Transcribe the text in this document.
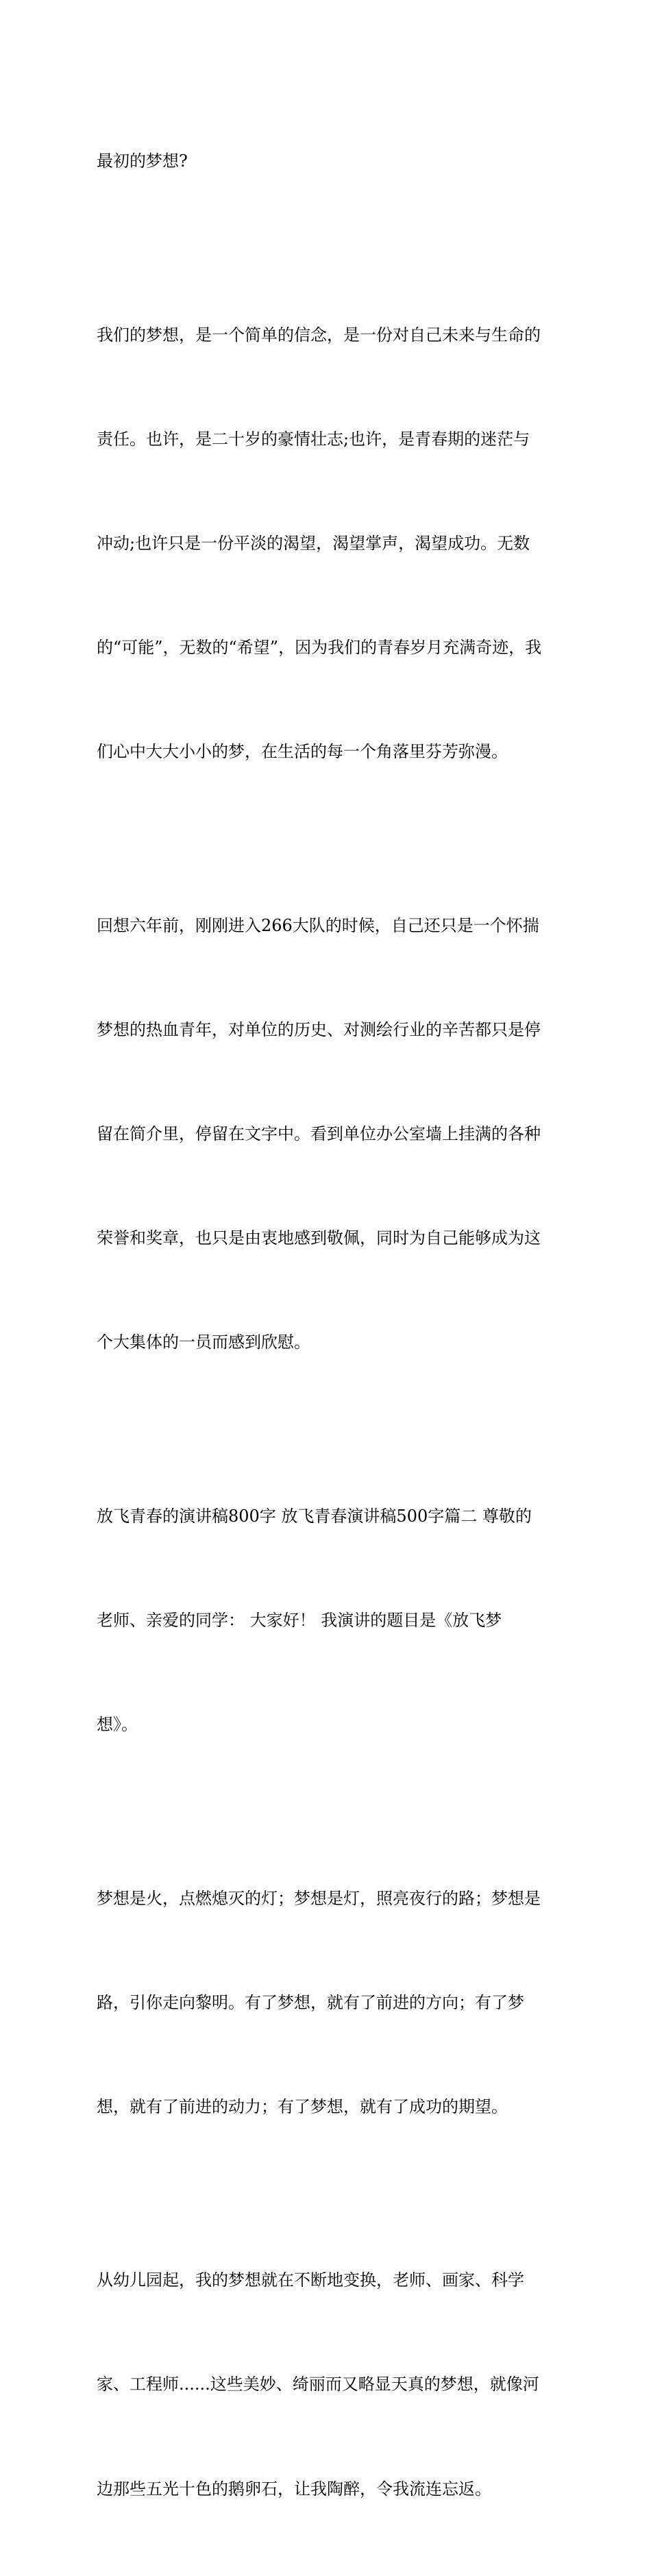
最初的梦想?

我们的梦想，是一个简单的信念，是一份对自己未来与生命的

责任。也许，是二十岁的豪情壮志;也许，是青春期的迷茫与

冲动;也许只是一份平淡的渴望，渴望掌声，渴望成功。无数

的“可能”，无数的“希望”，因为我们的青春岁月充满奇迹，我

们心中大大小小的梦，在生活的每一个角落里芬芳弥漫。

回想六年前，刚刚进入266大队的时候，自己还只是一个怀揣

梦想的热血青年，对单位的历史、对测绘行业的辛苦都只是停

留在简介里，停留在文字中。看到单位办公室墙上挂满的各种

荣誉和奖章，也只是由衷地感到敬佩，同时为自己能够成为这

个大集体的一员而感到欣慰。

放飞青春的演讲稿800字 放飞青春演讲稿500字篇二 尊敬的

老师、亲爱的同学： 大家好！ 我演讲的题目是《放飞梦

想》。

梦想是火，点燃熄灭的灯；梦想是灯，照亮夜行的路；梦想是

路，引你走向黎明。有了梦想，就有了前进的方向；有了梦

想，就有了前进的动力；有了梦想，就有了成功的期望。

从幼儿园起，我的梦想就在不断地变换，老师、画家、科学

家、工程师......这些美妙、绮丽而又略显天真的梦想，就像河

边那些五光十色的鹅卵石，让我陶醉，令我流连忘返。
